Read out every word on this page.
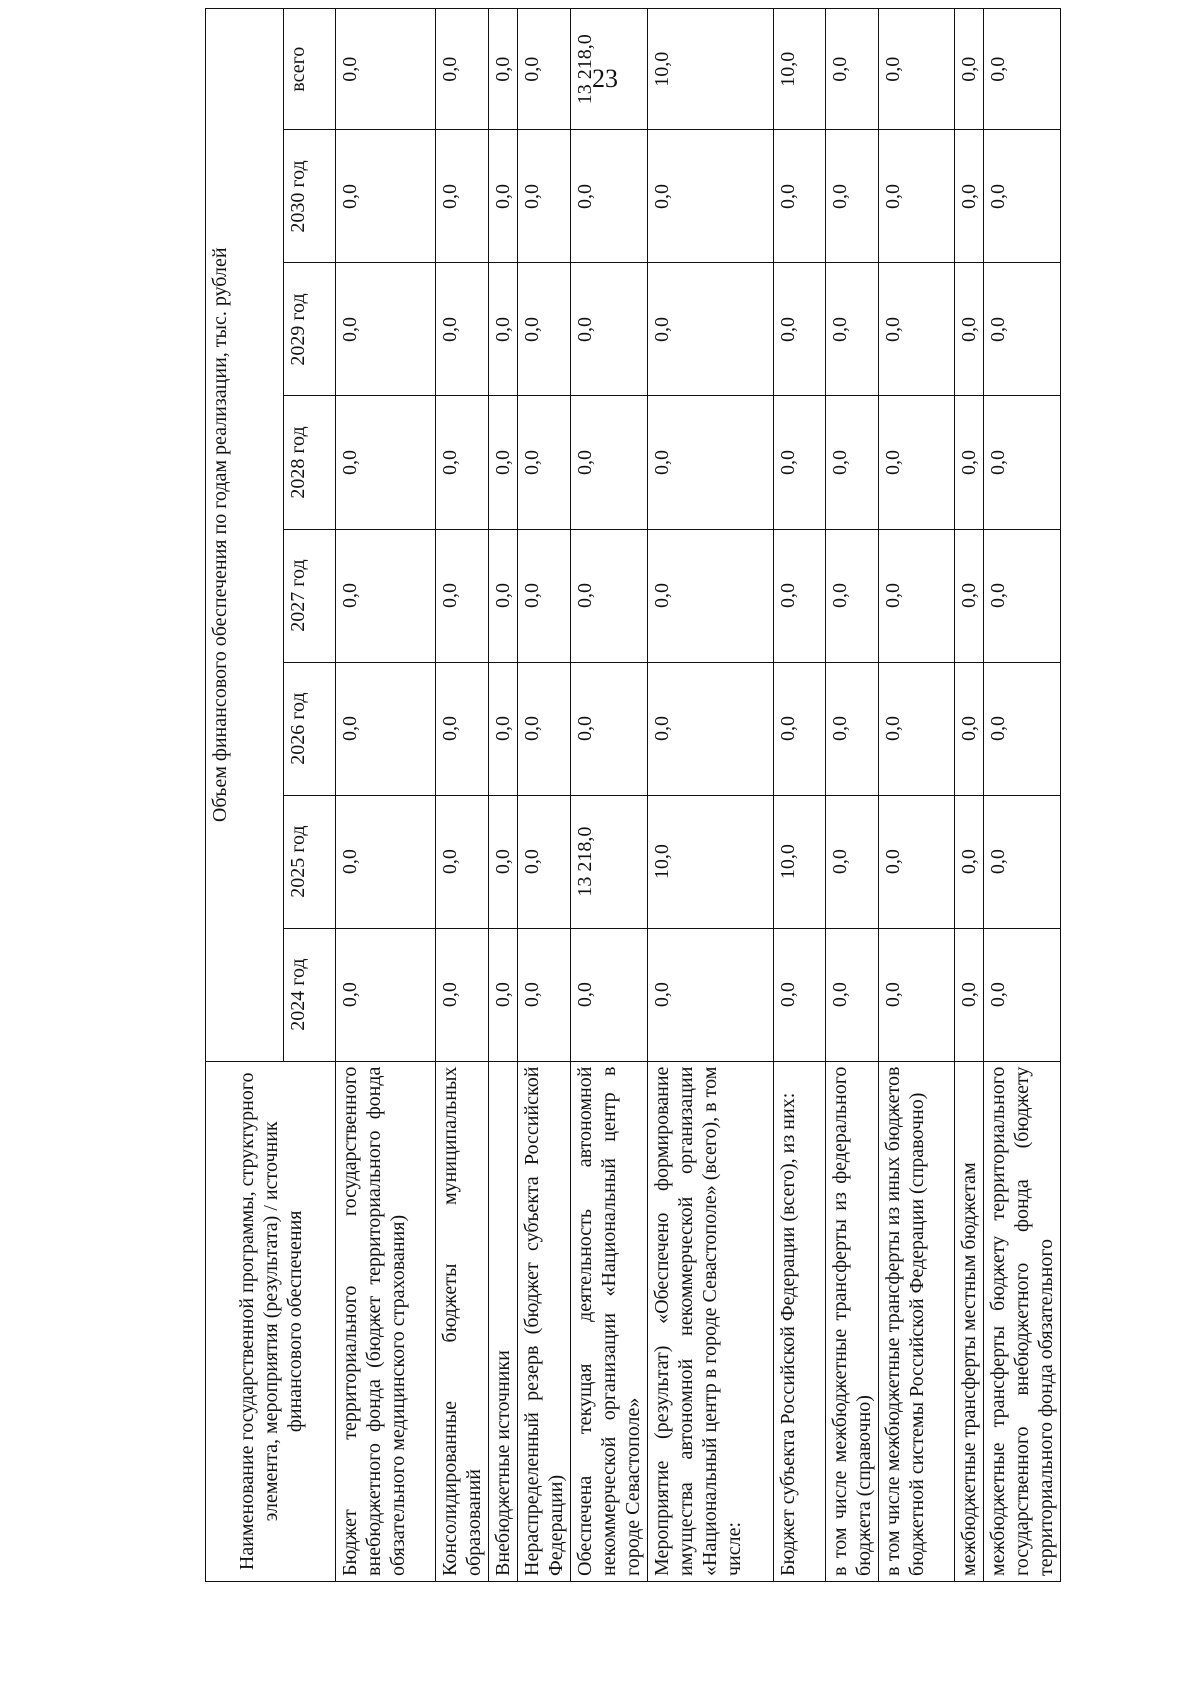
23
Наименование государственной программы, структурного элемента, мероприятия (результата) / источник финансового обеспечения	Объем финансового обеспечения по годам реализации, тыс. рублей							
	2024 год	2025 год	2026 год	2027 год	2028 год	2029 год	2030 год	всего
Бюджет территориального государственного внебюджетного фонда (бюджет территориального фонда обязательного медицинского страхования)	0,0	0,0	0,0	0,0	0,0	0,0	0,0	0,0
Консолидированные бюджеты муниципальных образований	0,0	0,0	0,0	0,0	0,0	0,0	0,0	0,0
Внебюджетные источники	0,0	0,0	0,0	0,0	0,0	0,0	0,0	0,0
Нераспределенный резерв (бюджет субъекта Российской Федерации)	0,0	0,0	0,0	0,0	0,0	0,0	0,0	0,0
Обеспечена текущая деятельность автономной некоммерческой организации «Национальный центр в городе Севастополе»	0,0	13 218,0	0,0	0,0	0,0	0,0	0,0	13 218,0
Мероприятие (результат) «Обеспечено формирование имущества автономной некоммерческой организации «Национальный центр в городе Севастополе» (всего), в том числе:	0,0	10,0	0,0	0,0	0,0	0,0	0,0	10,0
Бюджет субъекта Российской Федерации (всего), из них:	0,0	10,0	0,0	0,0	0,0	0,0	0,0	10,0
в том числе межбюджетные трансферты из федерального бюджета (справочно)	0,0	0,0	0,0	0,0	0,0	0,0	0,0	0,0
в том числе межбюджетные трансферты из иных бюджетов бюджетной системы Российской Федерации (справочно)	0,0	0,0	0,0	0,0	0,0	0,0	0,0	0,0
межбюджетные трансферты местным бюджетам	0,0	0,0	0,0	0,0	0,0	0,0	0,0	0,0
межбюджетные трансферты бюджету территориального государственного внебюджетного фонда (бюджету территориального фонда обязательного	0,0	0,0	0,0	0,0	0,0	0,0	0,0	0,0
